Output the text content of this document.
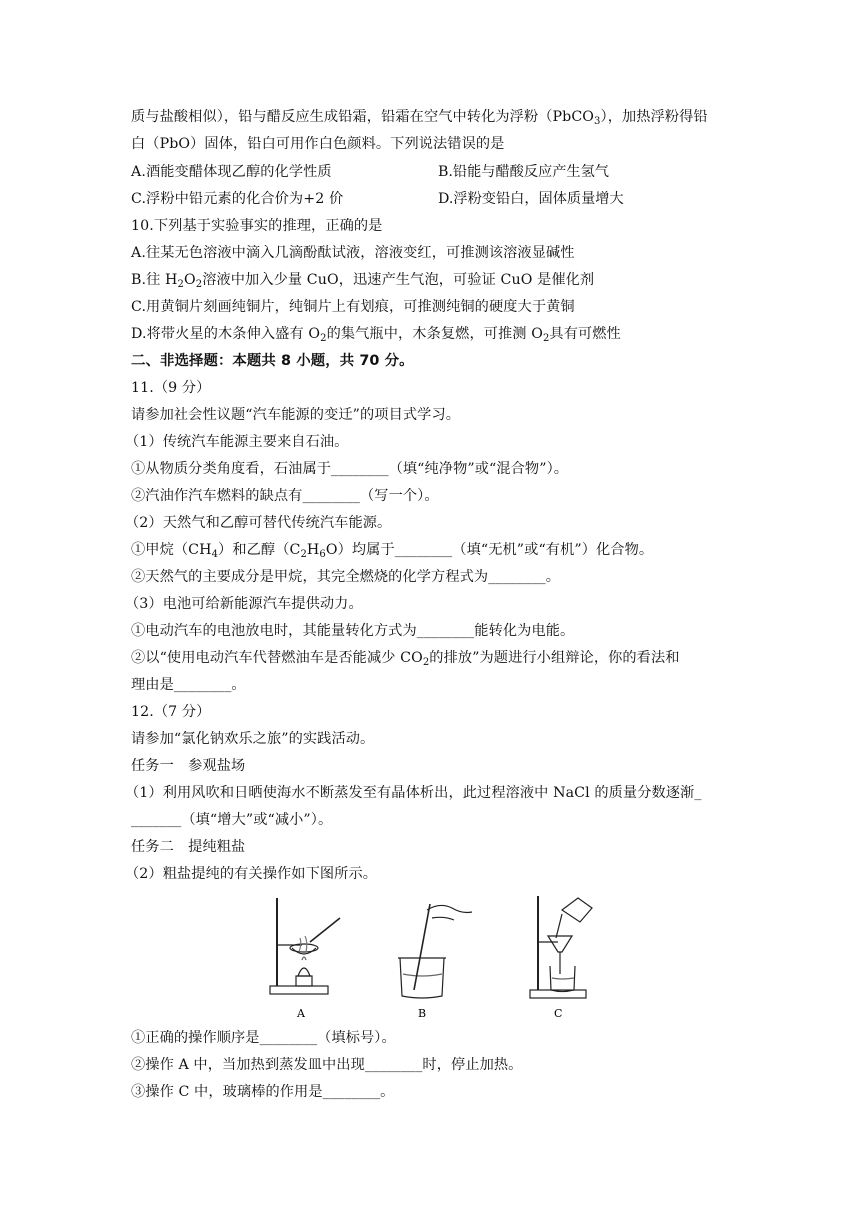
质与盐酸相似），铅与醋反应生成铅霜，铅霜在空气中转化为浮粉（PbCO$_3$），加热浮粉得铅
白（PbO）固体，铅白可用作白色颜料。下列说法错误的是
A.酒能变醋体现乙醇的化学性质	B.铅能与醋酸反应产生氢气
C.浮粉中铅元素的化合价为+2 价	D.浮粉变铅白，固体质量增大
10.下列基于实验事实的推理，正确的是
A.往某无色溶液中滴入几滴酚酞试液，溶液变红，可推测该溶液显碱性
B.往 $H_2O_2$溶液中加入少量 CuO，迅速产生气泡，可验证 CuO 是催化剂
C.用黄铜片刻画纯铜片，纯铜片上有划痕，可推测纯铜的硬度大于黄铜
D.将带火星的木条伸入盛有 $O_2$的集气瓶中，木条复燃，可推测 $O_2$具有可燃性
二、非选择题：本题共 8 小题，共 70 分。
11.（9 分）
请参加社会性议题“汽车能源的变迁”的项目式学习。
（1）传统汽车能源主要来自石油。
①从物质分类角度看，石油属于________（填“纯净物”或“混合物”）。
②汽油作汽车燃料的缺点有________（写一个）。
（2）天然气和乙醇可替代传统汽车能源。
①甲烷$(CH_4)$和乙醇$(C_2H_6O)$均属于________（填“无机”或“有机”）化合物。
②天然气的主要成分是甲烷，其完全燃烧的化学方程式为________。
（3）电池可给新能源汽车提供动力。
①电动汽车的电池放电时，其能量转化方式为________能转化为电能。
②以“使用电动汽车代替燃油车是否能减少 $CO_2$的排放”为题进行小组辩论，你的看法和
理由是________。
12.（7 分）
请参加“氯化钠欢乐之旅”的实践活动。
任务一　参观盐场
（1）利用风吹和日晒使海水不断蒸发至有晶体析出，此过程溶液中 NaCl 的质量分数逐渐_
_______（填“增大”或“减小”）。
任务二　提纯粗盐
（2）粗盐提纯的有关操作如下图所示。
A	B	C
①正确的操作顺序是________（填标号）。
②操作 A 中，当加热到蒸发皿中出现________时，停止加热。
③操作 C 中，玻璃棒的作用是________。
